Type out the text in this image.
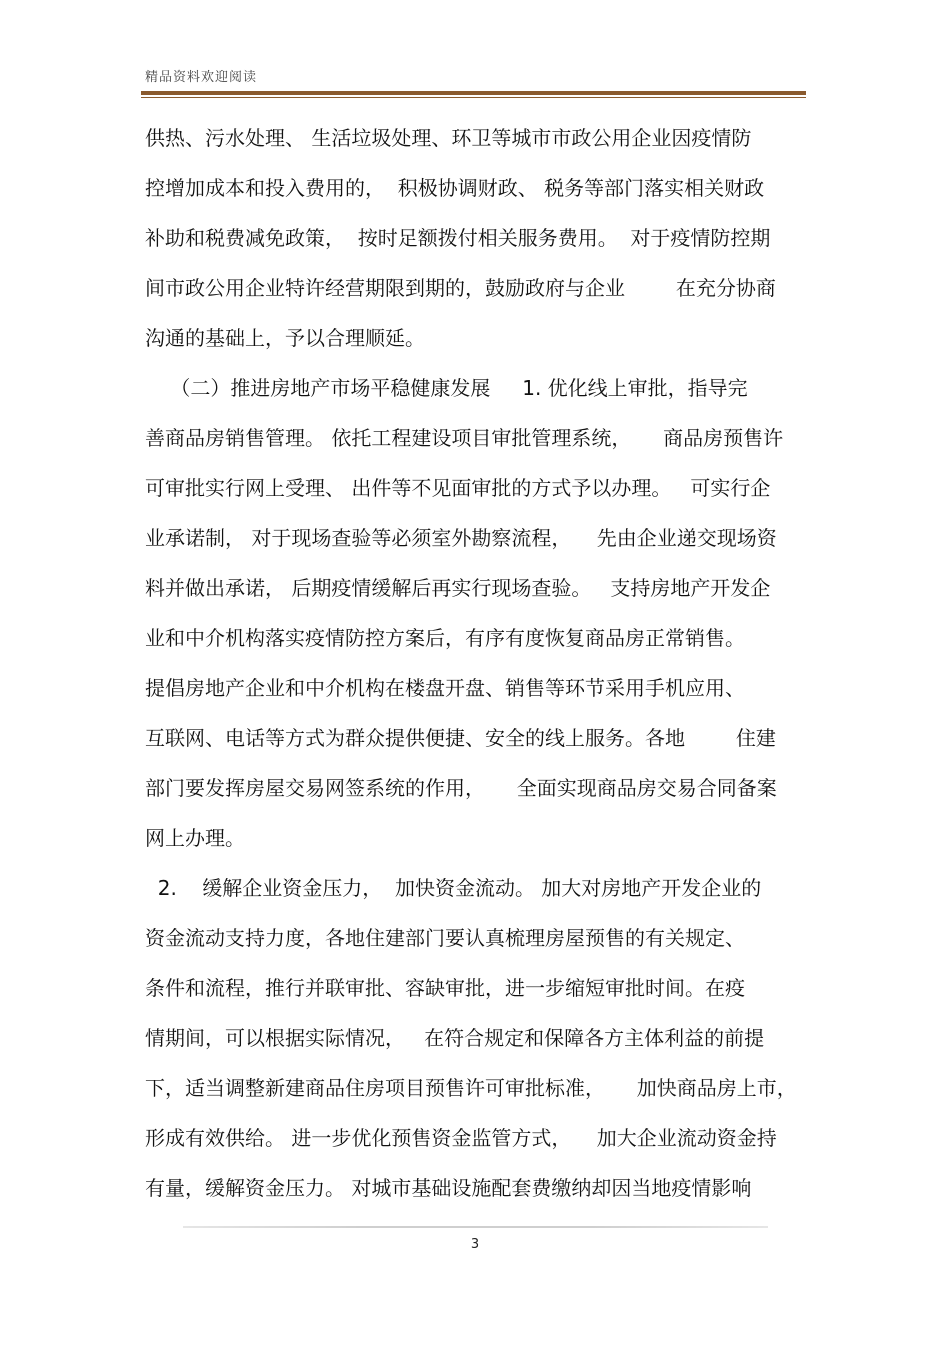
精品资料欢迎阅读
供热、污水处理、 生活垃圾处理、环卫等城市市政公用企业因疫情防
控增加成本和投入费用的，  积极协调财政、 税务等部门落实相关财政
补助和税费减免政策，  按时足额拨付相关服务费用。  对于疫情防控期
间市政公用企业特许经营期限到期的，鼓励政府与企业        在充分协商
沟通的基础上，予以合理顺延。
（二）推进房地产市场平稳健康发展     1. 优化线上审批，指导完
善商品房销售管理。 依托工程建设项目审批管理系统，     商品房预售许
可审批实行网上受理、 出件等不见面审批的方式予以办理。   可实行企
业承诺制， 对于现场查验等必须室外勘察流程，    先由企业递交现场资
料并做出承诺， 后期疫情缓解后再实行现场查验。   支持房地产开发企
业和中介机构落实疫情防控方案后，有序有度恢复商品房正常销售。
提倡房地产企业和中介机构在楼盘开盘、销售等环节采用手机应用、
互联网、电话等方式为群众提供便捷、安全的线上服务。各地        住建
部门要发挥房屋交易网签系统的作用，     全面实现商品房交易合同备案
网上办理。
2.    缓解企业资金压力，  加快资金流动。 加大对房地产开发企业的
资金流动支持力度，各地住建部门要认真梳理房屋预售的有关规定、
条件和流程，推行并联审批、容缺审批，进一步缩短审批时间。在疫
情期间，可以根据实际情况，   在符合规定和保障各方主体利益的前提
下，适当调整新建商品住房项目预售许可审批标准，     加快商品房上市，
形成有效供给。 进一步优化预售资金监管方式，    加大企业流动资金持
有量，缓解资金压力。 对城市基础设施配套费缴纳却因当地疫情影响
3
